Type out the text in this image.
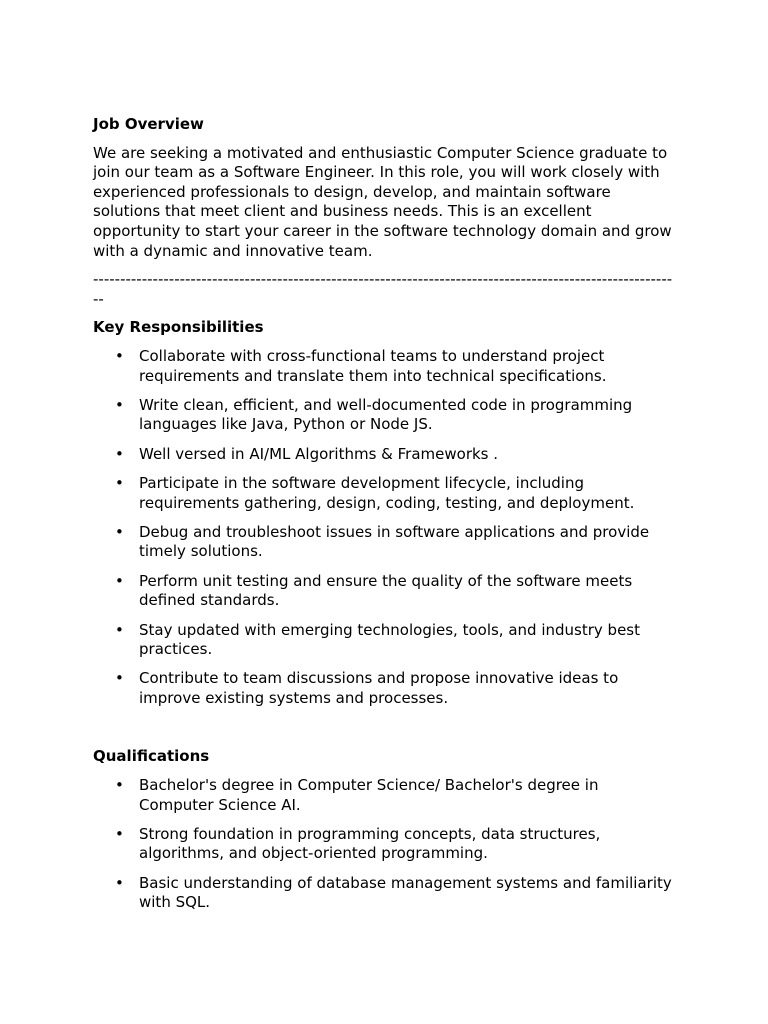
Job Overview
We are seeking a motivated and enthusiastic Computer Science graduate to join our team as a Software Engineer. In this role, you will work closely with experienced professionals to design, develop, and maintain software solutions that meet client and business needs. This is an excellent opportunity to start your career in the software technology domain and grow with a dynamic and innovative team.
-------------------------------------------------------------------------------------------------------------
Key Responsibilities
• Collaborate with cross-functional teams to understand project requirements and translate them into technical specifications.
• Write clean, efficient, and well-documented code in programming languages like Java, Python or Node JS.
• Well versed in AI/ML Algorithms & Frameworks .
• Participate in the software development lifecycle, including requirements gathering, design, coding, testing, and deployment.
• Debug and troubleshoot issues in software applications and provide timely solutions.
• Perform unit testing and ensure the quality of the software meets defined standards.
• Stay updated with emerging technologies, tools, and industry best practices.
• Contribute to team discussions and propose innovative ideas to improve existing systems and processes.
Qualifications
• Bachelor's degree in Computer Science/ Bachelor's degree in Computer Science AI.
• Strong foundation in programming concepts, data structures, algorithms, and object-oriented programming.
• Basic understanding of database management systems and familiarity with SQL.
